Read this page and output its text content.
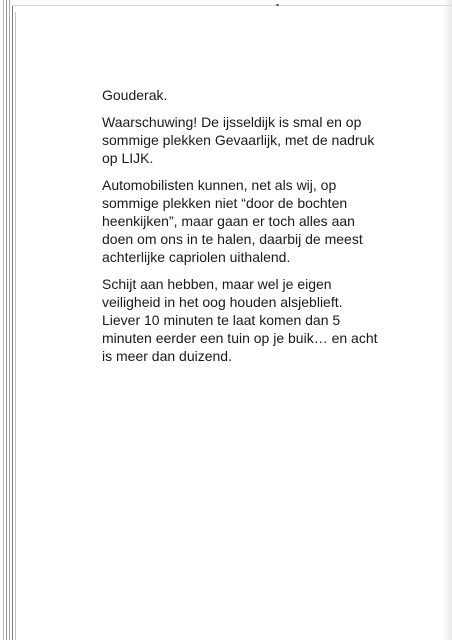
Gouderak.

Waarschuwing! De ijsseldijk is smal en op
sommige plekken Gevaarlijk, met de nadruk
op LIJK.

Automobilisten kunnen, net als wij, op
sommige plekken niet “door de bochten
heenkijken”, maar gaan er toch alles aan
doen om ons in te halen, daarbij de meest
achterlijke capriolen uithalend.

Schijt aan hebben, maar wel je eigen
veiligheid in het oog houden alsjeblieft.
Liever 10 minuten te laat komen dan 5
minuten eerder een tuin op je buik… en acht
is meer dan duizend.
